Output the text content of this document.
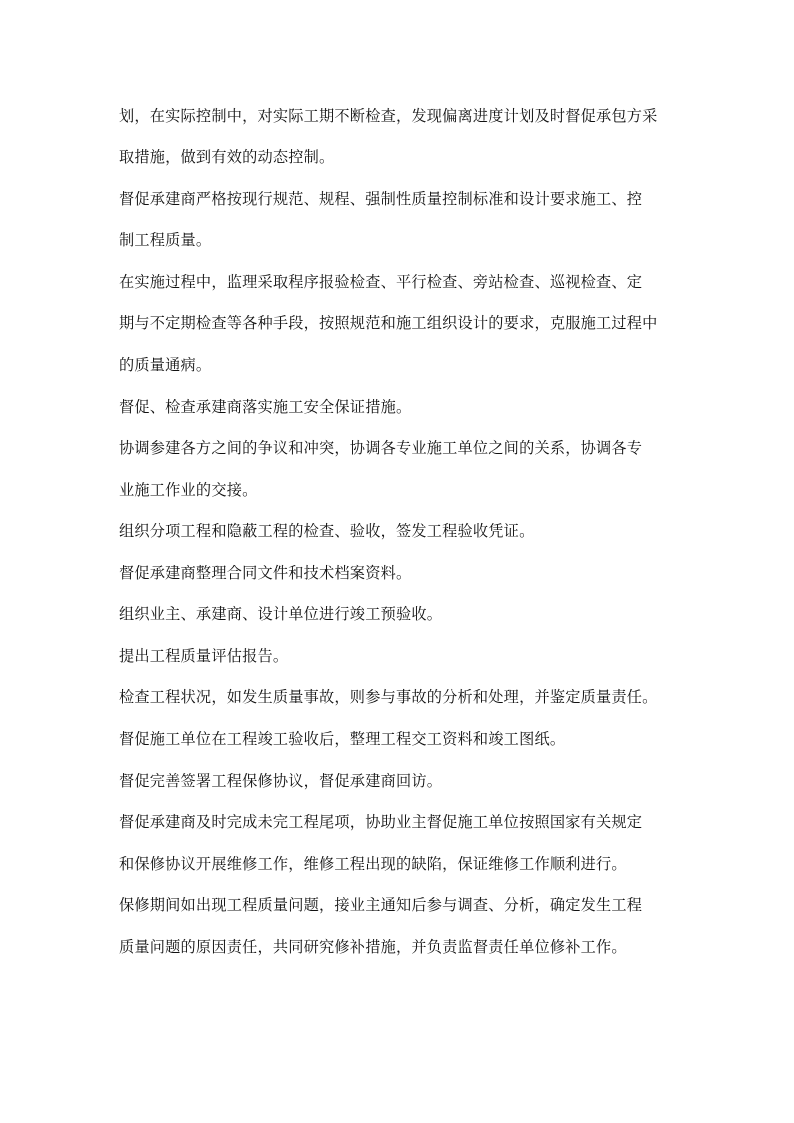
划，在实际控制中，对实际工期不断检查，发现偏离进度计划及时督促承包方采
取措施，做到有效的动态控制。
督促承建商严格按现行规范、规程、强制性质量控制标准和设计要求施工、控
制工程质量。
在实施过程中，监理采取程序报验检查、平行检查、旁站检查、巡视检查、定
期与不定期检查等各种手段，按照规范和施工组织设计的要求，克服施工过程中
的质量通病。
督促、检查承建商落实施工安全保证措施。
协调参建各方之间的争议和冲突，协调各专业施工单位之间的关系，协调各专
业施工作业的交接。
组织分项工程和隐蔽工程的检查、验收，签发工程验收凭证。
督促承建商整理合同文件和技术档案资料。
组织业主、承建商、设计单位进行竣工预验收。
提出工程质量评估报告。
检查工程状况，如发生质量事故，则参与事故的分析和处理，并鉴定质量责任。
督促施工单位在工程竣工验收后，整理工程交工资料和竣工图纸。
督促完善签署工程保修协议，督促承建商回访。
督促承建商及时完成未完工程尾项，协助业主督促施工单位按照国家有关规定
和保修协议开展维修工作，维修工程出现的缺陷，保证维修工作顺利进行。
保修期间如出现工程质量问题，接业主通知后参与调查、分析，确定发生工程
质量问题的原因责任，共同研究修补措施，并负责监督责任单位修补工作。
